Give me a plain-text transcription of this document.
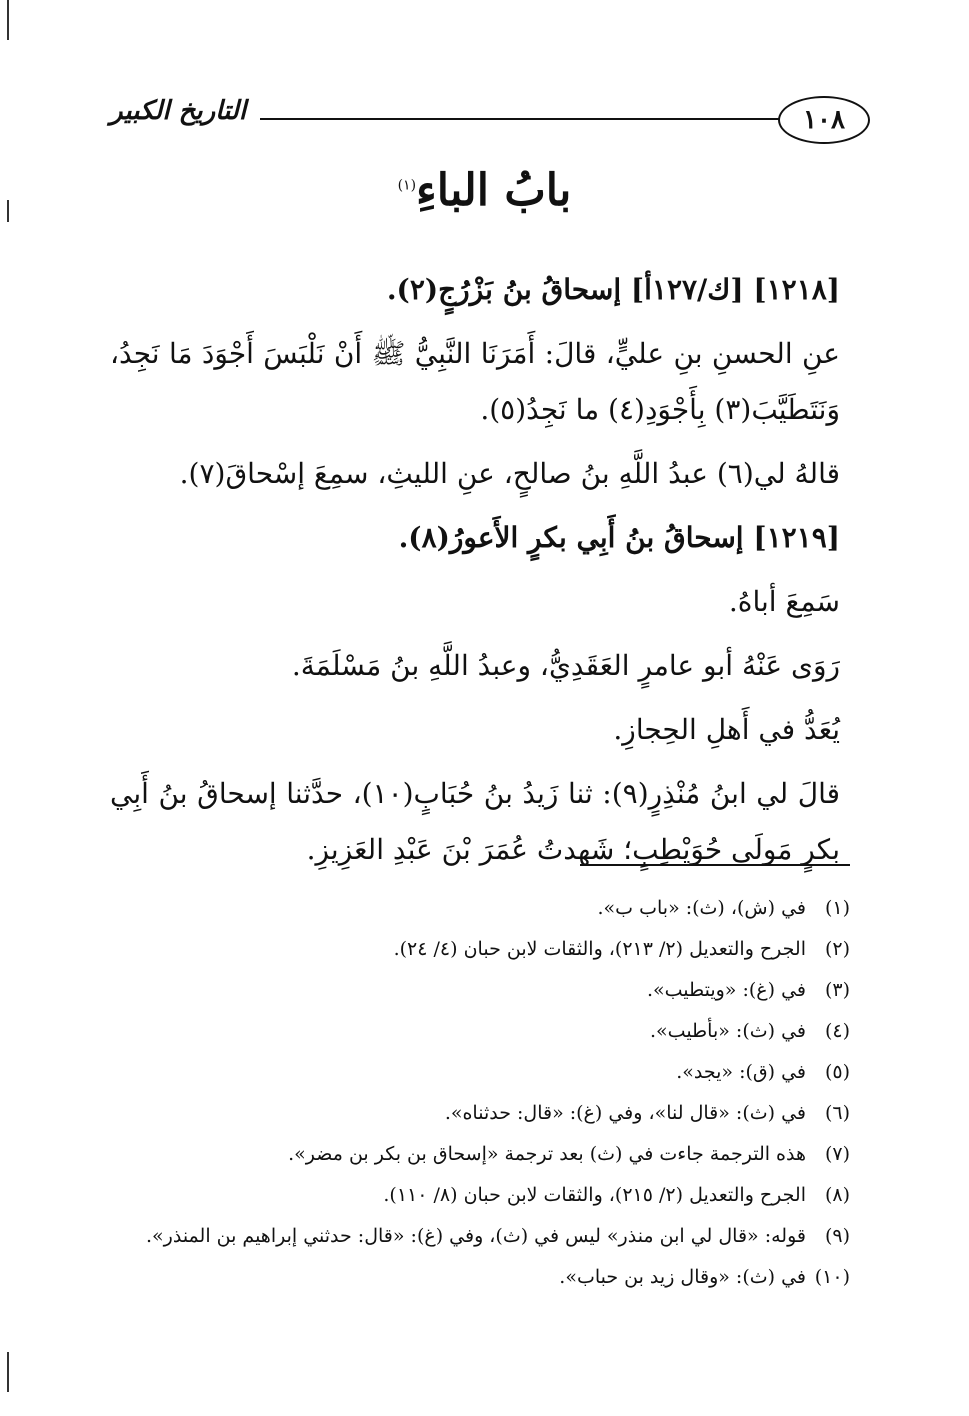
التاريخ الكبير	١٠٨
بابُ الباءِ$^{(١)}$

[١٢١٨] [ك/١٢٧أ] إسحاقُ بنُ بَزْرُجٍ(٢).

عنِ الحسنِ بنِ عليٍّ، قالَ: أَمَرَنَا النَّبِيُّ ﷺ أَنْ نَلْبَسَ أَجْوَدَ مَا نَجِدُ، وَنَتَطَيَّبَ(٣) بِأَجْوَدِ(٤) ما نَجِدُ(٥).

قالهُ لي(٦) عبدُ اللَّهِ بنُ صالحٍ، عنِ الليثِ، سمِعَ إسْحاقَ(٧).

[١٢١٩] إسحاقُ بنُ أَبِي بكرٍ الأَعورُ(٨).

سَمِعَ أباهُ.

رَوَى عَنْهُ أبو عامرٍ العَقَدِيُّ، وعبدُ اللَّهِ بنُ مَسْلَمَةَ.

يُعَدُّ في أَهلِ الحِجازِ.

قالَ لي ابنُ مُنْذِرٍ(٩): ثنا زَيدُ بنُ حُبَابٍ(١٠)، حدَّثنا إسحاقُ بنُ أَبِي بكرٍ مَولَى حُوَيْطِبٍ؛ شَهدتُ عُمَرَ بْنَ عَبْدِ العَزِيزِ.

(١)في (ش)، (ث): «باب ب».
(٢)الجرح والتعديل (٢/ ٢١٣)، والثقات لابن حبان (٤/ ٢٤).
(٣)في (غ): «ويتطيب».
(٤)في (ث): «بأطيب».
(٥)في (ق): «يجد».
(٦)في (ث): «قال لنا»، وفي (غ): «قال: حدثناه».
(٧)هذه الترجمة جاءت في (ث) بعد ترجمة «إسحاق بن بكر بن مضر».
(٨)الجرح والتعديل (٢/ ٢١٥)، والثقات لابن حبان (٨/ ١١٠).
(٩)قوله: «قال لي ابن منذر» ليس في (ث)، وفي (غ): «قال: حدثني إبراهيم بن المنذر».
(١٠)في (ث): «وقال زيد بن حباب».
